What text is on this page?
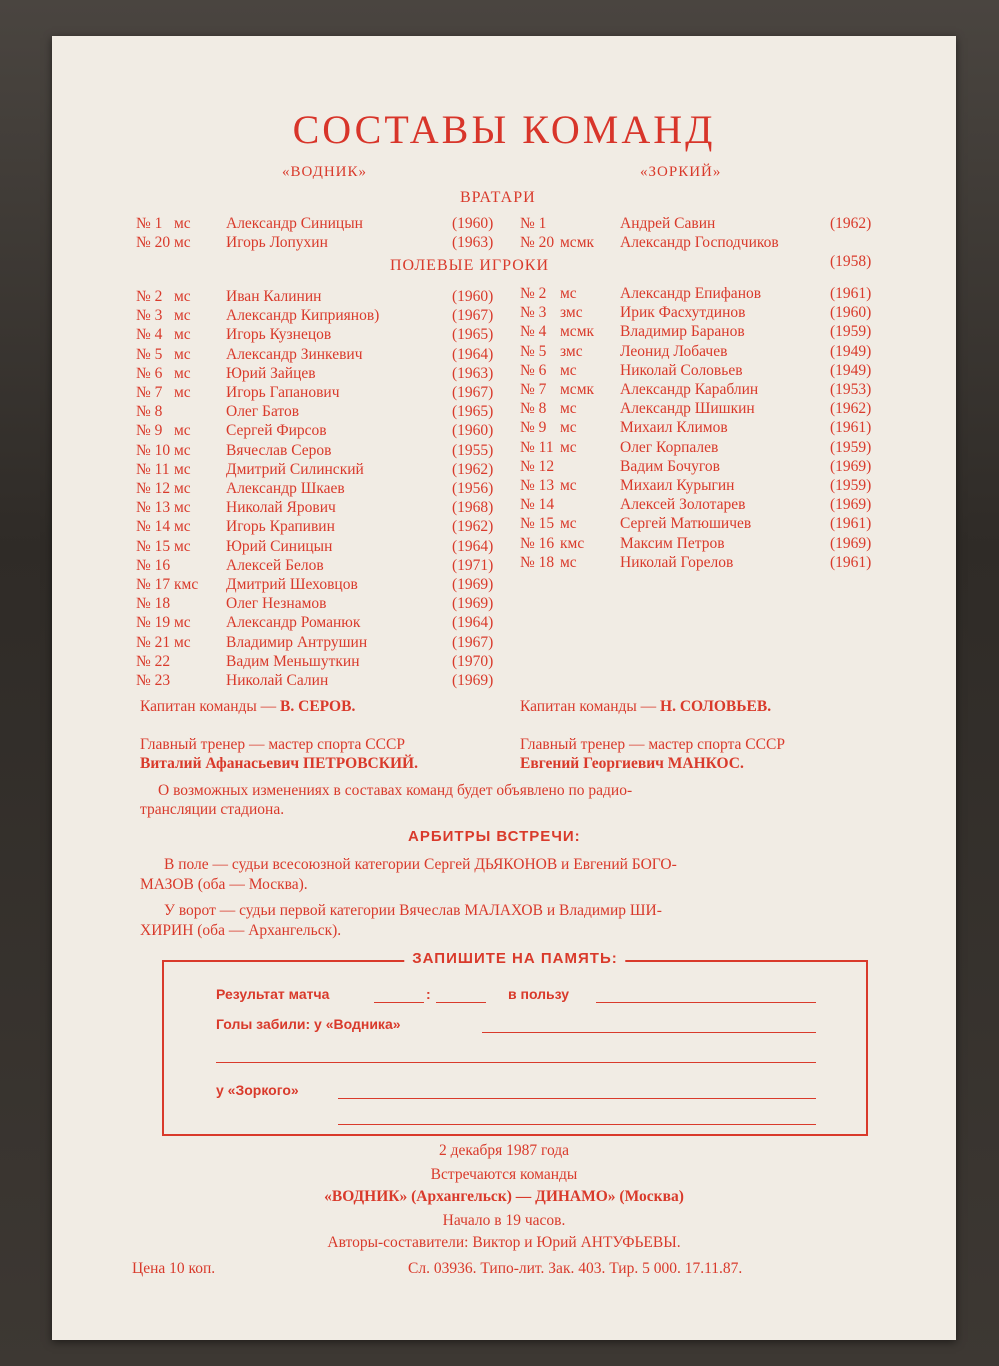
СОСТАВЫ КОМАНД
«ВОДНИК»	«ЗОРКИЙ»
ВРАТАРИ
№ 1 мс Александр Синицын	(1960)
№ 20 мс Игорь Лопухин	(1963)
№ 1	Андрей Савин	(1962)
№ 20 мсмк Александр Господчиков
(1958)
ПОЛЕВЫЕ ИГРОКИ
№ 2 мс Иван Калинин	(1960)
№ 3 мс Александр Киприянов)	(1967)
№ 4 мс Игорь Кузнецов	(1965)
№ 5 мс Александр Зинкевич	(1964)
№ 6 мс Юрий Зайцев	(1963)
№ 7 мс Игорь Гапанович	(1967)
№ 8	Олег Батов	(1965)
№ 9 мс Сергей Фирсов	(1960)
№ 10 мс Вячеслав Серов	(1955)
№ 11 мс Дмитрий Силинский	(1962)
№ 12 мс Александр Шкаев	(1956)
№ 13 мс Николай Ярович	(1968)
№ 14 мс Игорь Крапивин	(1962)
№ 15 мс Юрий Синицын	(1964)
№ 16	Алексей Белов	(1971)
№ 17 кмс Дмитрий Шеховцов	(1969)
№ 18	Олег Незнамов	(1969)
№ 19 мс Александр Романюк	(1964)
№ 21 мс Владимир Антрушин	(1967)
№ 22	Вадим Меньшуткин	(1970)
№ 23	Николай Салин	(1969)
№ 2 мс	Александр Епифанов	(1961)
№ 3 змс Ирик Фасхутдинов	(1960)
№ 4 мсмк Владимир Баранов	(1959)
№ 5 змс Леонид Лобачев	(1949)
№ 6 мс	Николай Соловьев	(1949)
№ 7 мсмк Александр Караблин	(1953)
№ 8 мс	Александр Шишкин	(1962)
№ 9 мс	Михаил Климов	(1961)
№ 11 мс	Олег Корпалев	(1959)
№ 12	Вадим Бочугов	(1969)
№ 13 мс	Михаил Курыгин	(1959)
№ 14	Алексей Золотарев	(1969)
№ 15 мс	Сергей Матюшичев	(1961)
№ 16 кмс Максим Петров	(1969)
№ 18 мс	Николай Горелов	(1961)
Капитан команды — В. СЕРОВ.	Капитан команды — Н. СОЛОВЬЕВ.
Главный тренер — мастер спорта СССР	Главный тренер — мастер спорта СССР
Виталий Афанасьевич ПЕТРОВСКИЙ.	Евгений Георгиевич МАНКОС.
О возможных изменениях в составах команд будет объявлено по радио-
трансляции стадиона.
АРБИТРЫ ВСТРЕЧИ:
В поле — судьи всесоюзной категории Сергей ДЬЯКОНОВ и Евгений БОГО-
МАЗОВ (оба — Москва).
У ворот — судьи первой категории Вячеслав МАЛАХОВ и Владимир ШИ-
ХИРИН (оба — Архангельск).
ЗАПИШИТЕ НА ПАМЯТЬ:
Результат матча	:	в пользу
Голы забили: у «Водника»
у «Зоркого»
2 декабря 1987 года
Встречаются команды
«ВОДНИК» (Архангельск) — ДИНАМО» (Москва)
Начало в 19 часов.
Авторы-составители: Виктор и Юрий АНТУФЬЕВЫ.
Цена 10 коп.	Сл. 03936. Типо-лит. Зак. 403. Тир. 5 000. 17.11.87.
